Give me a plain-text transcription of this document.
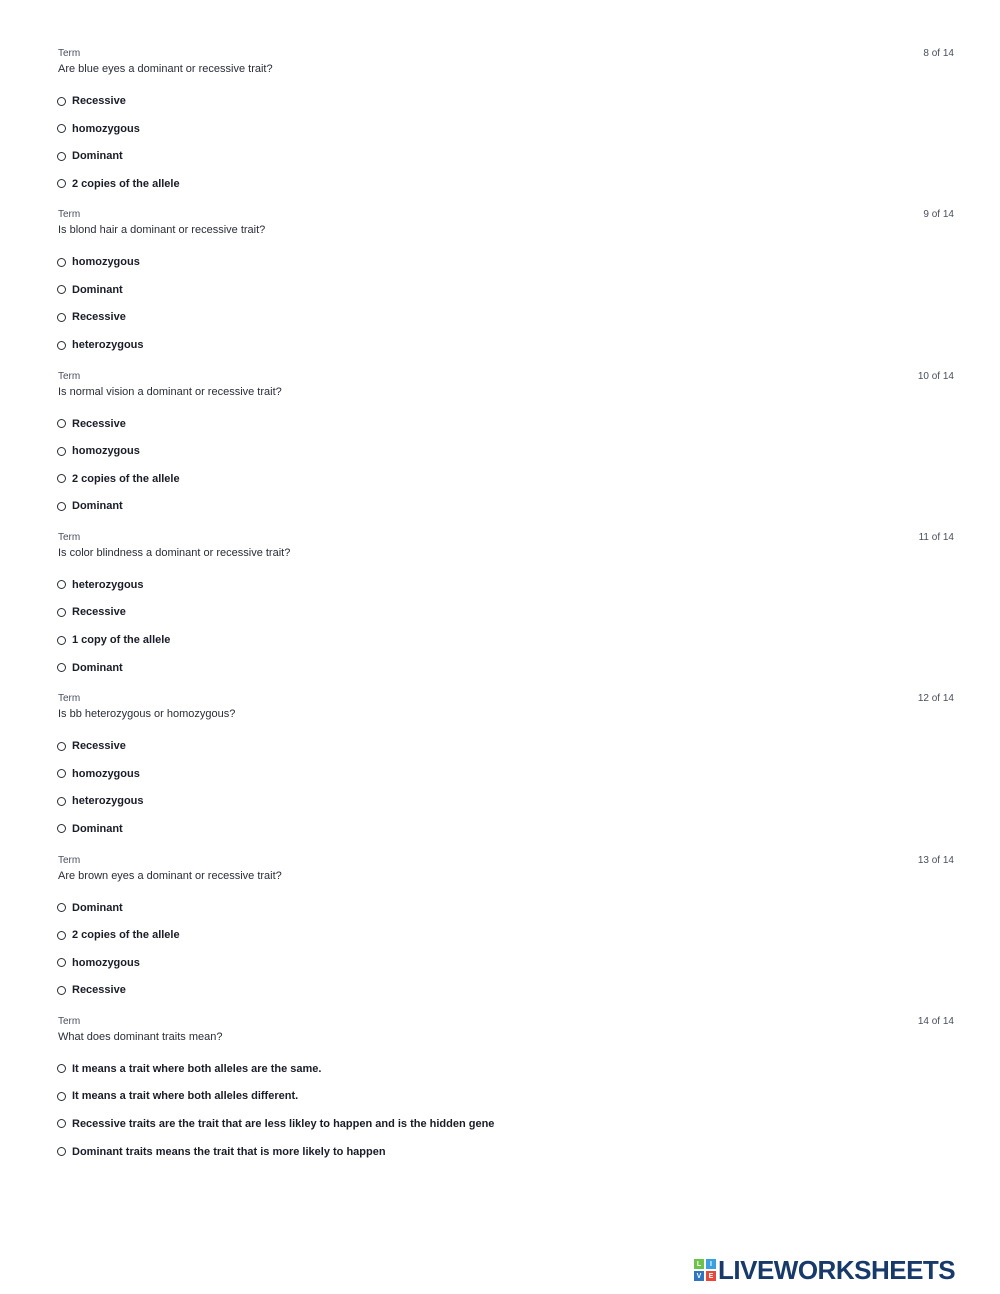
Term	8 of 14
Are blue eyes a dominant or recessive trait?
Recessive
homozygous
Dominant
2 copies of the allele
Term	9 of 14
Is blond hair a dominant or recessive trait?
homozygous
Dominant
Recessive
heterozygous
Term	10 of 14
Is normal vision a dominant or recessive trait?
Recessive
homozygous
2 copies of the allele
Dominant
Term	11 of 14
Is color blindness a dominant or recessive trait?
heterozygous
Recessive
1 copy of the allele
Dominant
Term	12 of 14
Is bb heterozygous or homozygous?
Recessive
homozygous
heterozygous
Dominant
Term	13 of 14
Are brown eyes a dominant or recessive trait?
Dominant
2 copies of the allele
homozygous
Recessive
Term	14 of 14
What does dominant traits mean?
It means a trait where both alleles are the same.
It means a trait where both alleles different.
Recessive traits are the trait that are less likley to happen and is the hidden gene
Dominant traits means the trait that is more likely to happen
L	I
V	E LIVEWORKSHEETS
